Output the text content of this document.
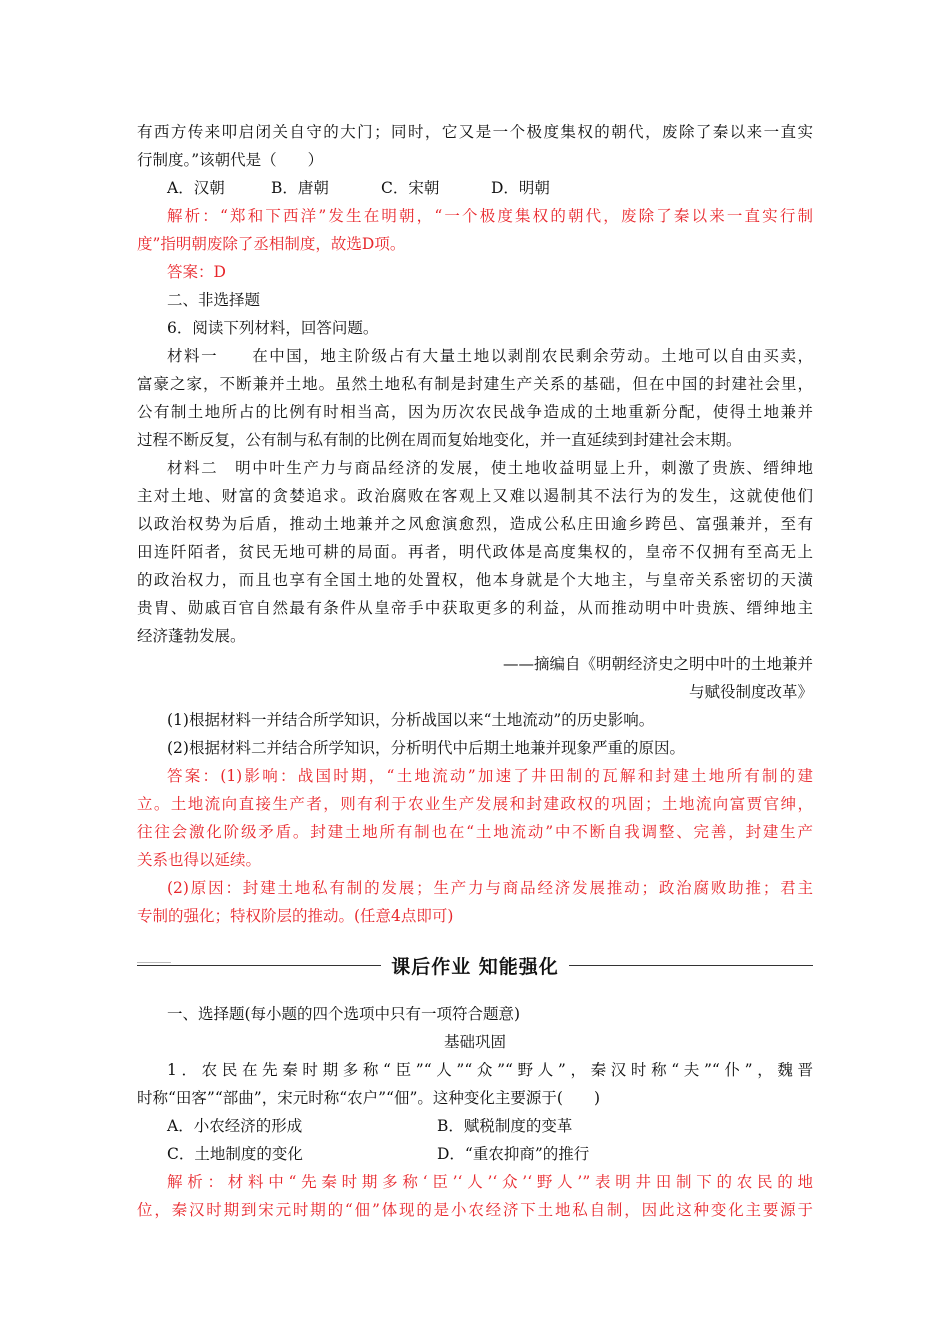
有西方传来叩启闭关自守的大门；同时，它又是一个极度集权的朝代，废除了秦以来一直实
行制度。”该朝代是（　　）
A．汉朝	B．唐朝	C．宋朝	D．明朝
解析：“郑和下西洋”发生在明朝，“一个极度集权的朝代，废除了秦以来一直实行制
度”指明朝废除了丞相制度，故选D项。
答案：D
二、非选择题
6．阅读下列材料，回答问题。
材料一　　在中国，地主阶级占有大量土地以剥削农民剩余劳动。土地可以自由买卖，
富豪之家，不断兼并土地。虽然土地私有制是封建生产关系的基础，但在中国的封建社会里，
公有制土地所占的比例有时相当高，因为历次农民战争造成的土地重新分配，使得土地兼并
过程不断反复，公有制与私有制的比例在周而复始地变化，并一直延续到封建社会末期。
材料二　明中叶生产力与商品经济的发展，使土地收益明显上升，刺激了贵族、缙绅地
主对土地、财富的贪婪追求。政治腐败在客观上又难以遏制其不法行为的发生，这就使他们
以政治权势为后盾，推动土地兼并之风愈演愈烈，造成公私庄田逾乡跨邑、富强兼并，至有
田连阡陌者，贫民无地可耕的局面。再者，明代政体是高度集权的，皇帝不仅拥有至高无上
的政治权力，而且也享有全国土地的处置权，他本身就是个大地主，与皇帝关系密切的天潢
贵胄、勋戚百官自然最有条件从皇帝手中获取更多的利益，从而推动明中叶贵族、缙绅地主
经济蓬勃发展。
——摘编自《明朝经济史之明中叶的土地兼并
与赋役制度改革》
(1)根据材料一并结合所学知识，分析战国以来“土地流动”的历史影响。
(2)根据材料二并结合所学知识，分析明代中后期土地兼并现象严重的原因。
答案：(1)影响：战国时期，“土地流动”加速了井田制的瓦解和封建土地所有制的建
立。土地流向直接生产者，则有利于农业生产发展和封建政权的巩固；土地流向富贾官绅，
往往会激化阶级矛盾。封建土地所有制也在“土地流动”中不断自我调整、完善，封建生产
关系也得以延续。
(2)原因：封建土地私有制的发展；生产力与商品经济发展推动；政治腐败助推；君主
专制的强化；特权阶层的推动。(任意4点即可)
课后作业 知能强化
一、选择题(每小题的四个选项中只有一项符合题意)
基础巩固
1．农民在先秦时期多称“臣”“人”“众”“野人”，秦汉时称“夫”“仆”，魏晋
时称“田客”“部曲”，宋元时称“农户”“佃”。这种变化主要源于(　　)
A．小农经济的形成	B．赋税制度的变革
C．土地制度的变化	D．“重农抑商”的推行
解析：材料中“先秦时期多称‘臣’‘人’‘众’‘野人’”表明井田制下的农民的地
位，秦汉时期到宋元时期的“佃”体现的是小农经济下土地私自制，因此这种变化主要源于
